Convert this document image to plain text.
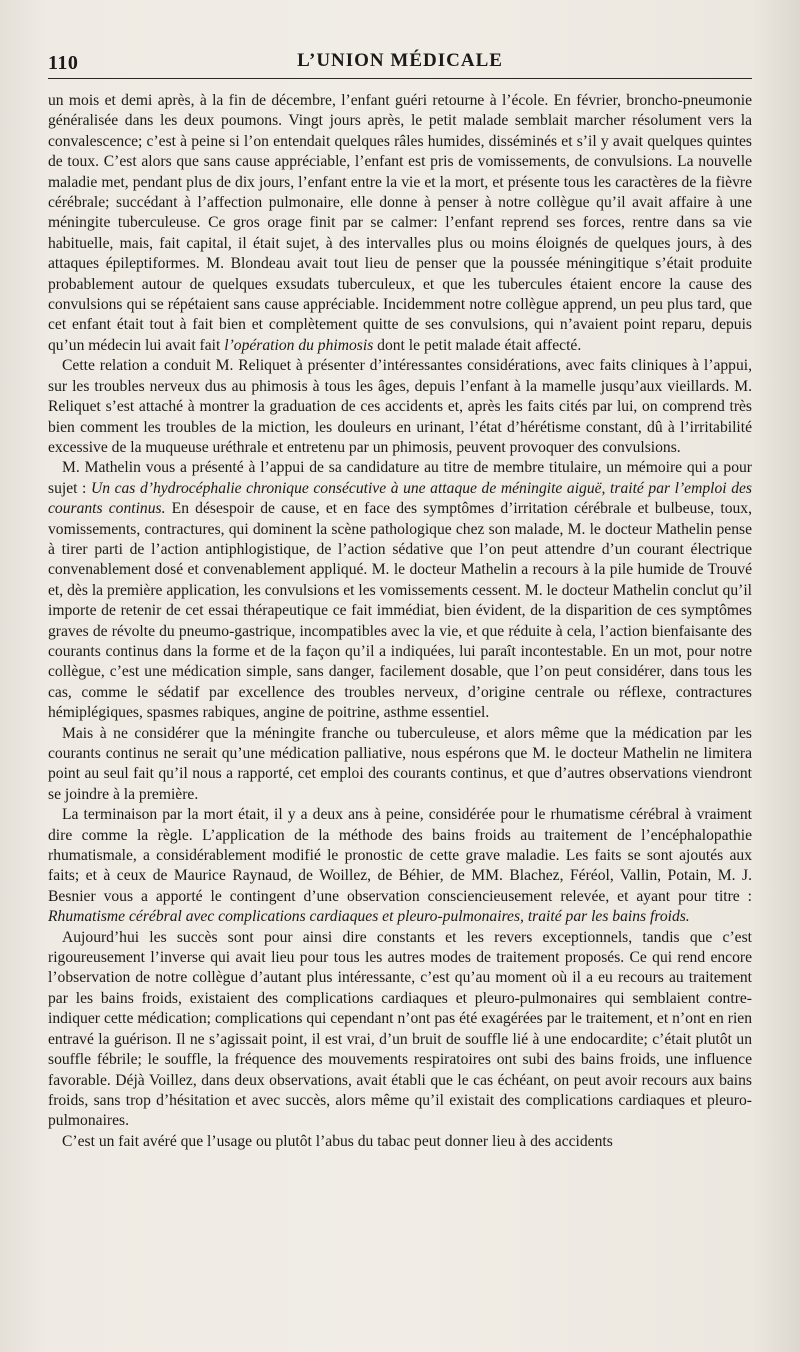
110	L’UNION MÉDICALE

un mois et demi après, à la fin de décembre, l’enfant guéri retourne à l’école. En février, broncho-pneumonie généralisée dans les deux poumons. Vingt jours après, le petit malade semblait marcher résolument vers la convalescence; c’est à peine si l’on entendait quelques râles humides, disséminés et s’il y avait quelques quintes de toux. C’est alors que sans cause appréciable, l’enfant est pris de vomissements, de convulsions. La nouvelle maladie met, pendant plus de dix jours, l’enfant entre la vie et la mort, et présente tous les caractères de la fièvre cérébrale; succédant à l’affection pulmonaire, elle donne à penser à notre collègue qu’il avait affaire à une méningite tuberculeuse. Ce gros orage finit par se calmer: l’enfant reprend ses forces, rentre dans sa vie habituelle, mais, fait capital, il était sujet, à des intervalles plus ou moins éloignés de quelques jours, à des attaques épileptiformes. M. Blondeau avait tout lieu de penser que la poussée méningitique s’était produite probablement autour de quelques exsudats tuberculeux, et que les tubercules étaient encore la cause des convulsions qui se répétaient sans cause appréciable. Incidemment notre collègue apprend, un peu plus tard, que cet enfant était tout à fait bien et complètement quitte de ses convulsions, qui n’avaient point reparu, depuis qu’un médecin lui avait fait l’opération du phimosis dont le petit malade était affecté.

Cette relation a conduit M. Reliquet à présenter d’intéressantes considérations, avec faits cliniques à l’appui, sur les troubles nerveux dus au phimosis à tous les âges, depuis l’enfant à la mamelle jusqu’aux vieillards. M. Reliquet s’est attaché à montrer la graduation de ces accidents et, après les faits cités par lui, on comprend très bien comment les troubles de la miction, les douleurs en urinant, l’état d’hérétisme constant, dû à l’irritabilité excessive de la muqueuse uréthrale et entretenu par un phimosis, peuvent provoquer des convulsions.

M. Mathelin vous a présenté à l’appui de sa candidature au titre de membre titulaire, un mémoire qui a pour sujet : Un cas d’hydrocéphalie chronique consécutive à une attaque de méningite aiguë, traité par l’emploi des courants continus. En désespoir de cause, et en face des symptômes d’irritation cérébrale et bulbeuse, toux, vomissements, contractures, qui dominent la scène pathologique chez son malade, M. le docteur Mathelin pense à tirer parti de l’action antiphlogistique, de l’action sédative que l’on peut attendre d’un courant électrique convenablement dosé et convenablement appliqué. M. le docteur Mathelin a recours à la pile humide de Trouvé et, dès la première application, les convulsions et les vomissements cessent. M. le docteur Mathelin conclut qu’il importe de retenir de cet essai thérapeutique ce fait immédiat, bien évident, de la disparition de ces symptômes graves de révolte du pneumo-gastrique, incompatibles avec la vie, et que réduite à cela, l’action bienfaisante des courants continus dans la forme et de la façon qu’il a indiquées, lui paraît incontestable. En un mot, pour notre collègue, c’est une médication simple, sans danger, facilement dosable, que l’on peut considérer, dans tous les cas, comme le sédatif par excellence des troubles nerveux, d’origine centrale ou réflexe, contractures hémiplégiques, spasmes rabiques, angine de poitrine, asthme essentiel.

Mais à ne considérer que la méningite franche ou tuberculeuse, et alors même que la médication par les courants continus ne serait qu’une médication palliative, nous espérons que M. le docteur Mathelin ne limitera point au seul fait qu’il nous a rapporté, cet emploi des courants continus, et que d’autres observations viendront se joindre à la première.

La terminaison par la mort était, il y a deux ans à peine, considérée pour le rhumatisme cérébral à vraiment dire comme la règle. L’application de la méthode des bains froids au traitement de l’encéphalopathie rhumatismale, a considérablement modifié le pronostic de cette grave maladie. Les faits se sont ajoutés aux faits; et à ceux de Maurice Raynaud, de Woillez, de Béhier, de MM. Blachez, Féréol, Vallin, Potain, M. J. Besnier vous a apporté le contingent d’une observation consciencieusement relevée, et ayant pour titre : Rhumatisme cérébral avec complications cardiaques et pleuro-pulmonaires, traité par les bains froids.

Aujourd’hui les succès sont pour ainsi dire constants et les revers exceptionnels, tandis que c’est rigoureusement l’inverse qui avait lieu pour tous les autres modes de traitement proposés. Ce qui rend encore l’observation de notre collègue d’autant plus intéressante, c’est qu’au moment où il a eu recours au traitement par les bains froids, existaient des complications cardiaques et pleuro-pulmonaires qui semblaient contre-indiquer cette médication; complications qui cependant n’ont pas été exagérées par le traitement, et n’ont en rien entravé la guérison. Il ne s’agissait point, il est vrai, d’un bruit de souffle lié à une endocardite; c’était plutôt un souffle fébrile; le souffle, la fréquence des mouvements respiratoires ont subi des bains froids, une influence favorable. Déjà Voillez, dans deux observations, avait établi que le cas échéant, on peut avoir recours aux bains froids, sans trop d’hésitation et avec succès, alors même qu’il existait des complications cardiaques et pleuro-pulmonaires.

C’est un fait avéré que l’usage ou plutôt l’abus du tabac peut donner lieu à des accidents
